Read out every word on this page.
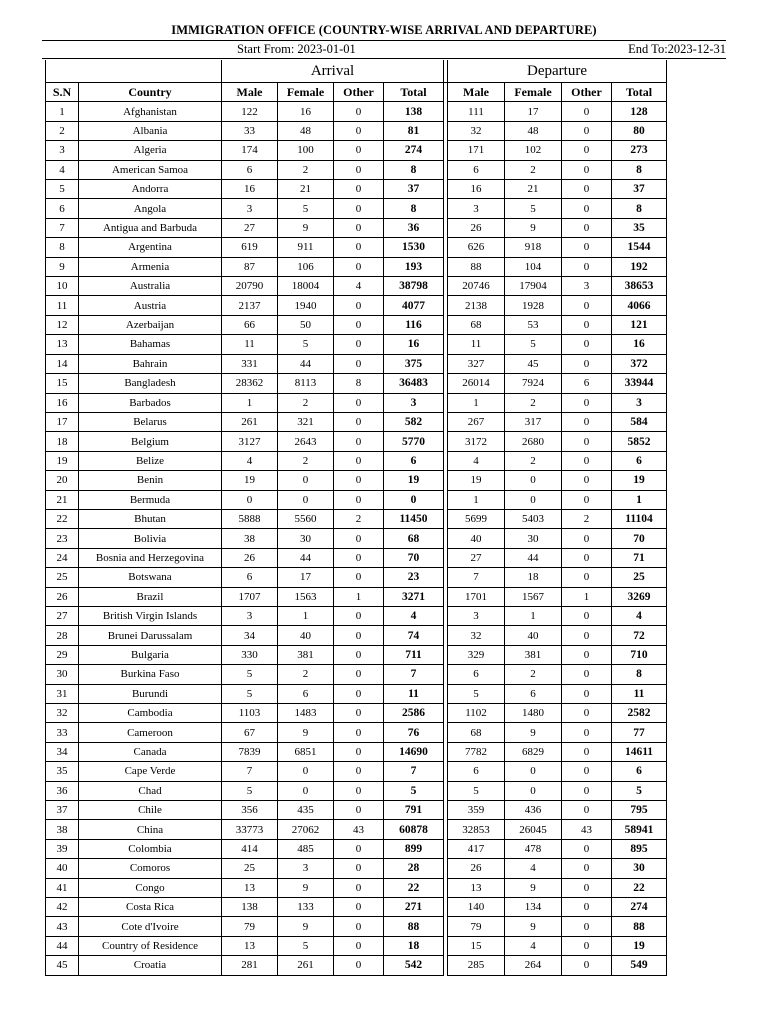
IMMIGRATION OFFICE (COUNTRY-WISE ARRIVAL AND DEPARTURE)
Start From: 2023-01-01	End To:2023-12-31
		Arrival					Departure			
S.N	Country	Male	Female	Other	Total		Male	Female	Other	Total
1	Afghanistan	122	16	0	138		111	17	0	128
2	Albania	33	48	0	81		32	48	0	80
3	Algeria	174	100	0	274		171	102	0	273
4	American Samoa	6	2	0	8		6	2	0	8
5	Andorra	16	21	0	37		16	21	0	37
6	Angola	3	5	0	8		3	5	0	8
7	Antigua and Barbuda	27	9	0	36		26	9	0	35
8	Argentina	619	911	0	1530		626	918	0	1544
9	Armenia	87	106	0	193		88	104	0	192
10	Australia	20790	18004	4	38798		20746	17904	3	38653
11	Austria	2137	1940	0	4077		2138	1928	0	4066
12	Azerbaijan	66	50	0	116		68	53	0	121
13	Bahamas	11	5	0	16		11	5	0	16
14	Bahrain	331	44	0	375		327	45	0	372
15	Bangladesh	28362	8113	8	36483		26014	7924	6	33944
16	Barbados	1	2	0	3		1	2	0	3
17	Belarus	261	321	0	582		267	317	0	584
18	Belgium	3127	2643	0	5770		3172	2680	0	5852
19	Belize	4	2	0	6		4	2	0	6
20	Benin	19	0	0	19		19	0	0	19
21	Bermuda	0	0	0	0		1	0	0	1
22	Bhutan	5888	5560	2	11450		5699	5403	2	11104
23	Bolivia	38	30	0	68		40	30	0	70
24	Bosnia and Herzegovina	26	44	0	70		27	44	0	71
25	Botswana	6	17	0	23		7	18	0	25
26	Brazil	1707	1563	1	3271		1701	1567	1	3269
27	British Virgin Islands	3	1	0	4		3	1	0	4
28	Brunei Darussalam	34	40	0	74		32	40	0	72
29	Bulgaria	330	381	0	711		329	381	0	710
30	Burkina Faso	5	2	0	7		6	2	0	8
31	Burundi	5	6	0	11		5	6	0	11
32	Cambodia	1103	1483	0	2586		1102	1480	0	2582
33	Cameroon	67	9	0	76		68	9	0	77
34	Canada	7839	6851	0	14690		7782	6829	0	14611
35	Cape Verde	7	0	0	7		6	0	0	6
36	Chad	5	0	0	5		5	0	0	5
37	Chile	356	435	0	791		359	436	0	795
38	China	33773	27062	43	60878		32853	26045	43	58941
39	Colombia	414	485	0	899		417	478	0	895
40	Comoros	25	3	0	28		26	4	0	30
41	Congo	13	9	0	22		13	9	0	22
42	Costa Rica	138	133	0	271		140	134	0	274
43	Cote d'Ivoire	79	9	0	88		79	9	0	88
44	Country of Residence	13	5	0	18		15	4	0	19
45	Croatia	281	261	0	542		285	264	0	549
